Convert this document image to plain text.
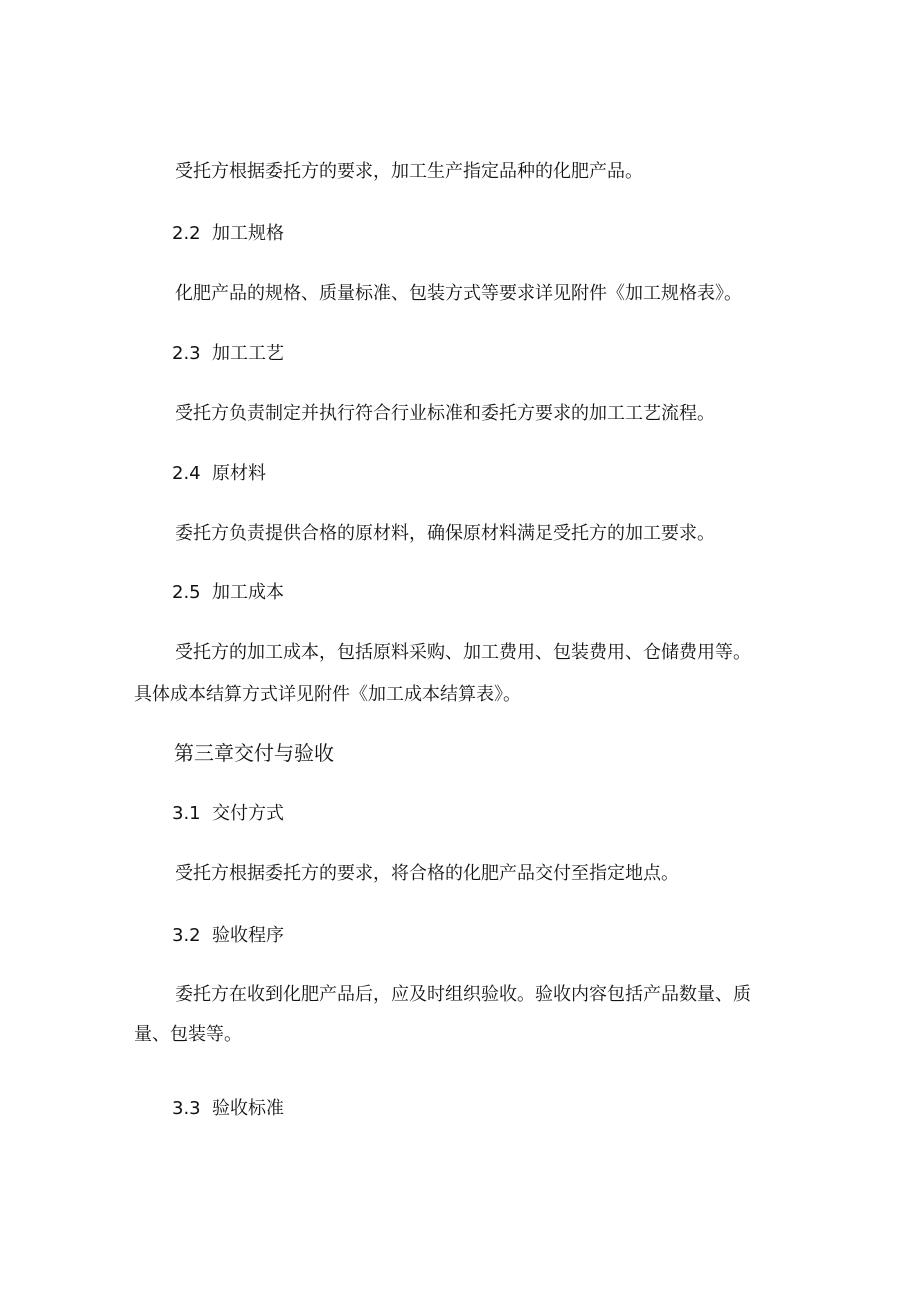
受托方根据委托方的要求，加工生产指定品种的化肥产品。
2.2 加工规格
化肥产品的规格、质量标准、包装方式等要求详见附件《加工规格表》。
2.3 加工工艺
受托方负责制定并执行符合行业标准和委托方要求的加工工艺流程。
2.4 原材料
委托方负责提供合格的原材料，确保原材料满足受托方的加工要求。
2.5 加工成本
受托方的加工成本，包括原料采购、加工费用、包装费用、仓储费用等。
具体成本结算方式详见附件《加工成本结算表》。
第三章交付与验收
3.1 交付方式
受托方根据委托方的要求，将合格的化肥产品交付至指定地点。
3.2 验收程序
委托方在收到化肥产品后，应及时组织验收。验收内容包括产品数量、质
量、包装等。
3.3 验收标准
